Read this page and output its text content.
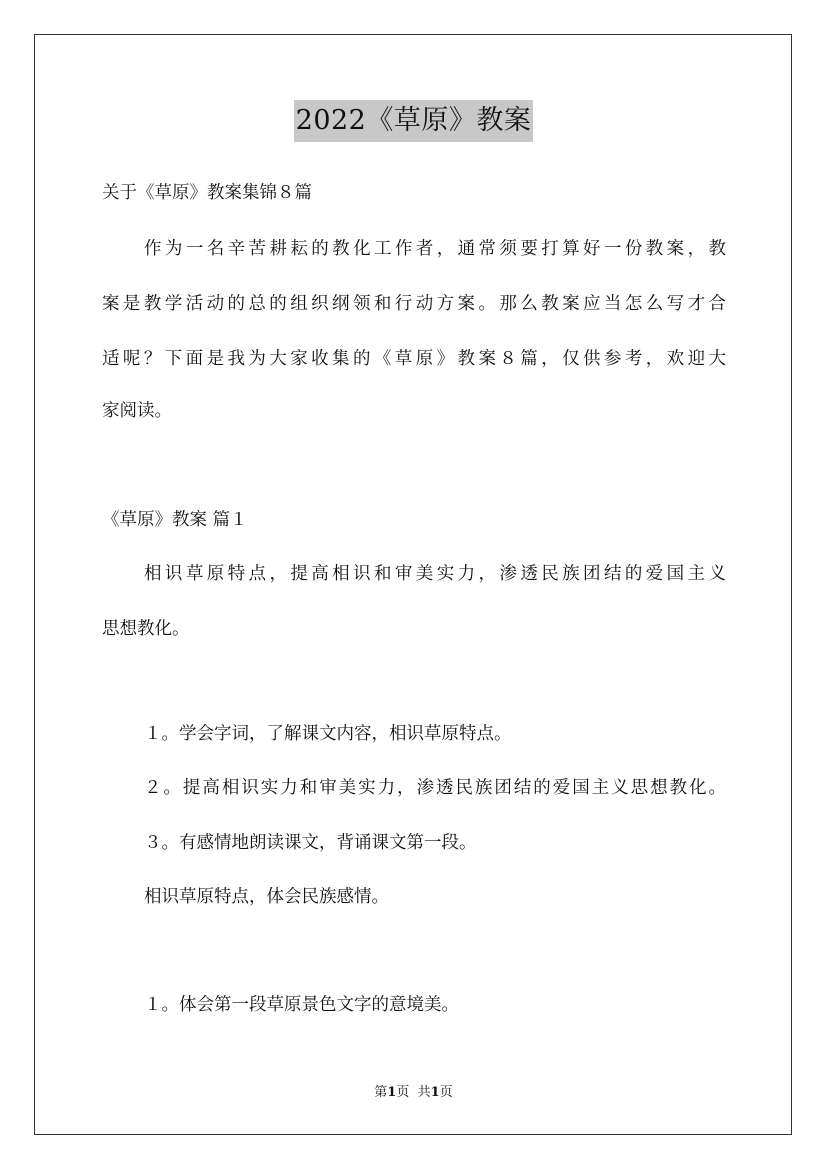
2022《草原》教案
关于《草原》教案集锦８篇
作为一名辛苦耕耘的教化工作者，通常须要打算好一份教案，教
案是教学活动的总的组织纲领和行动方案。那么教案应当怎么写才合
适呢？下面是我为大家收集的《草原》教案８篇，仅供参考，欢迎大
家阅读。
《草原》教案 篇１
相识草原特点，提高相识和审美实力，渗透民族团结的爱国主义
思想教化。
１。学会字词，了解课文内容，相识草原特点。
２。提高相识实力和审美实力，渗透民族团结的爱国主义思想教化。
３。有感情地朗读课文，背诵课文第一段。
相识草原特点，体会民族感情。
１。体会第一段草原景色文字的意境美。
第1页 共1页
